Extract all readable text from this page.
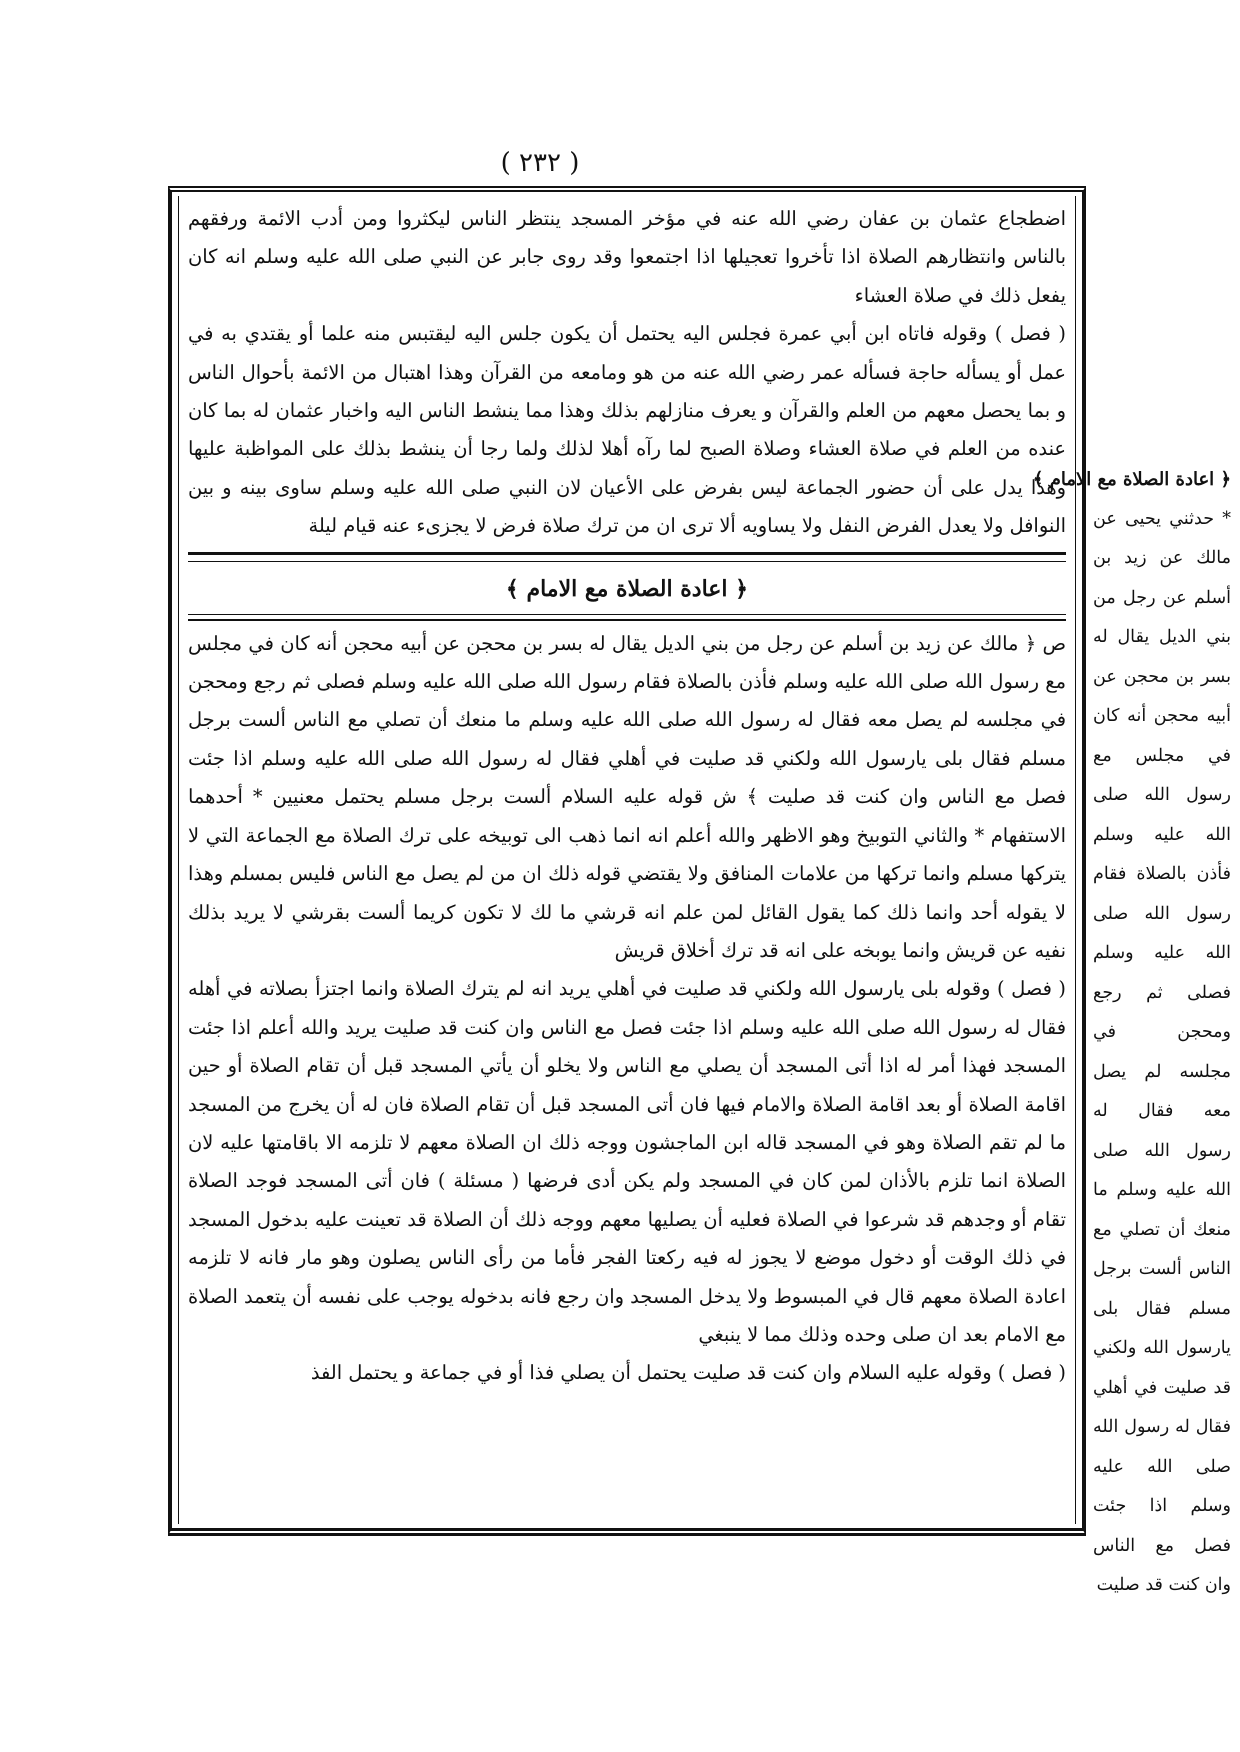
( ٢٣٢ )

اضطجاع عثمان بن عفان رضي الله عنه في مؤخر المسجد ينتظر الناس ليكثروا ومن أدب الائمة ورفقهم بالناس وانتظارهم الصلاة اذا تأخروا تعجيلها اذا اجتمعوا وقد روى جابر عن النبي صلى الله عليه وسلم انه كان يفعل ذلك في صلاة العشاء

( فصل ) وقوله فاتاه ابن أبي عمرة فجلس اليه يحتمل أن يكون جلس اليه ليقتبس منه علما أو يقتدي به في عمل أو يسأله حاجة فسأله عمر رضي الله عنه من هو ومامعه من القرآن وهذا اهتبال من الائمة بأحوال الناس و بما يحصل معهم من العلم والقرآن و يعرف منازلهم بذلك وهذا مما ينشط الناس اليه واخبار عثمان له بما كان عنده من العلم في صلاة العشاء وصلاة الصبح لما رآه أهلا لذلك ولما رجا أن ينشط بذلك على المواظبة عليها وهذا يدل على أن حضور الجماعة ليس بفرض على الأعيان لان النبي صلى الله عليه وسلم ساوى بينه و بين النوافل ولا يعدل الفرض النفل ولا يساويه ألا ترى ان من ترك صلاة فرض لا يجزىء عنه قيام ليلة

﴿ اعادة الصلاة مع الامام ﴾

ص ﴿ مالك عن زيد بن أسلم عن رجل من بني الديل يقال له بسر بن محجن عن أبيه محجن أنه كان في مجلس مع رسول الله صلى الله عليه وسلم فأذن بالصلاة فقام رسول الله صلى الله عليه وسلم فصلى ثم رجع ومحجن في مجلسه لم يصل معه فقال له رسول الله صلى الله عليه وسلم ما منعك أن تصلي مع الناس ألست برجل مسلم فقال بلى يارسول الله ولكني قد صليت في أهلي فقال له رسول الله صلى الله عليه وسلم اذا جئت فصل مع الناس وان كنت قد صليت ﴾ ش قوله عليه السلام ألست برجل مسلم يحتمل معنيين * أحدهما الاستفهام * والثاني التوبيخ وهو الاظهر والله أعلم انه انما ذهب الى توبيخه على ترك الصلاة مع الجماعة التي لا يتركها مسلم وانما تركها من علامات المنافق ولا يقتضي قوله ذلك ان من لم يصل مع الناس فليس بمسلم وهذا لا يقوله أحد وانما ذلك كما يقول القائل لمن علم انه قرشي ما لك لا تكون كريما ألست بقرشي لا يريد بذلك نفيه عن قريش وانما يوبخه على انه قد ترك أخلاق قريش

( فصل ) وقوله بلى يارسول الله ولكني قد صليت في أهلي يريد انه لم يترك الصلاة وانما اجتزأ بصلاته في أهله فقال له رسول الله صلى الله عليه وسلم اذا جئت فصل مع الناس وان كنت قد صليت يريد والله أعلم اذا جئت المسجد فهذا أمر له اذا أتى المسجد أن يصلي مع الناس ولا يخلو أن يأتي المسجد قبل أن تقام الصلاة أو حين اقامة الصلاة أو بعد اقامة الصلاة والامام فيها فان أتى المسجد قبل أن تقام الصلاة فان له أن يخرج من المسجد ما لم تقم الصلاة وهو في المسجد قاله ابن الماجشون ووجه ذلك ان الصلاة معهم لا تلزمه الا باقامتها عليه لان الصلاة انما تلزم بالأذان لمن كان في المسجد ولم يكن أدى فرضها ( مسئلة ) فان أتى المسجد فوجد الصلاة تقام أو وجدهم قد شرعوا في الصلاة فعليه أن يصليها معهم ووجه ذلك أن الصلاة قد تعينت عليه بدخول المسجد في ذلك الوقت أو دخول موضع لا يجوز له فيه ركعتا الفجر فأما من رأى الناس يصلون وهو مار فانه لا تلزمه اعادة الصلاة معهم قال في المبسوط ولا يدخل المسجد وان رجع فانه بدخوله يوجب على نفسه أن يتعمد الصلاة مع الامام بعد ان صلى وحده وذلك مما لا ينبغي

( فصل ) وقوله عليه السلام وان كنت قد صليت يحتمل أن يصلي فذا أو في جماعة و يحتمل الفذ

﴿ اعادة الصلاة مع الامام ﴾
* حدثني يحيى عن مالك عن زيد بن أسلم عن رجل من بني الديل يقال له بسر بن محجن عن أبيه محجن أنه كان في مجلس مع رسول الله صلى الله عليه وسلم فأذن بالصلاة فقام رسول الله صلى الله عليه وسلم فصلى ثم رجع ومحجن في مجلسه لم يصل معه فقال له رسول الله صلى الله عليه وسلم ما منعك أن تصلي مع الناس ألست برجل مسلم فقال بلى يارسول الله ولكني قد صليت في أهلي فقال له رسول الله صلى الله عليه وسلم اذا جئت فصل مع الناس وان كنت قد صليت
